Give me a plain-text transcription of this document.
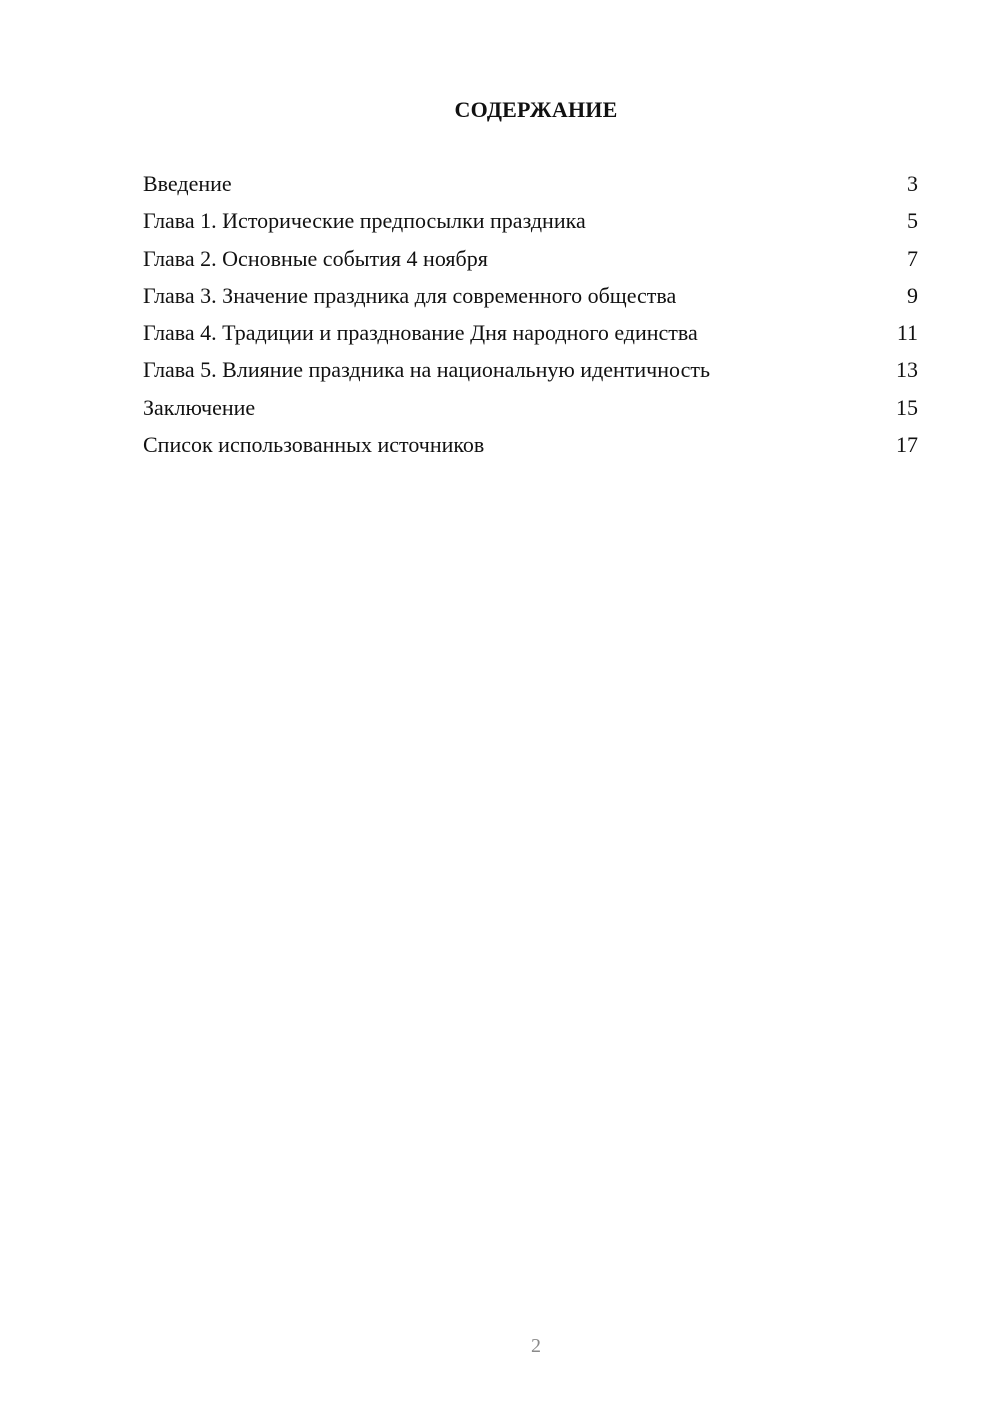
СОДЕРЖАНИЕ
Введение	3
Глава 1. Исторические предпосылки праздника	5
Глава 2. Основные события 4 ноября	7
Глава 3. Значение праздника для современного общества	9
Глава 4. Традиции и празднование Дня народного единства	11
Глава 5. Влияние праздника на национальную идентичность	13
Заключение	15
Список использованных источников	17
2
